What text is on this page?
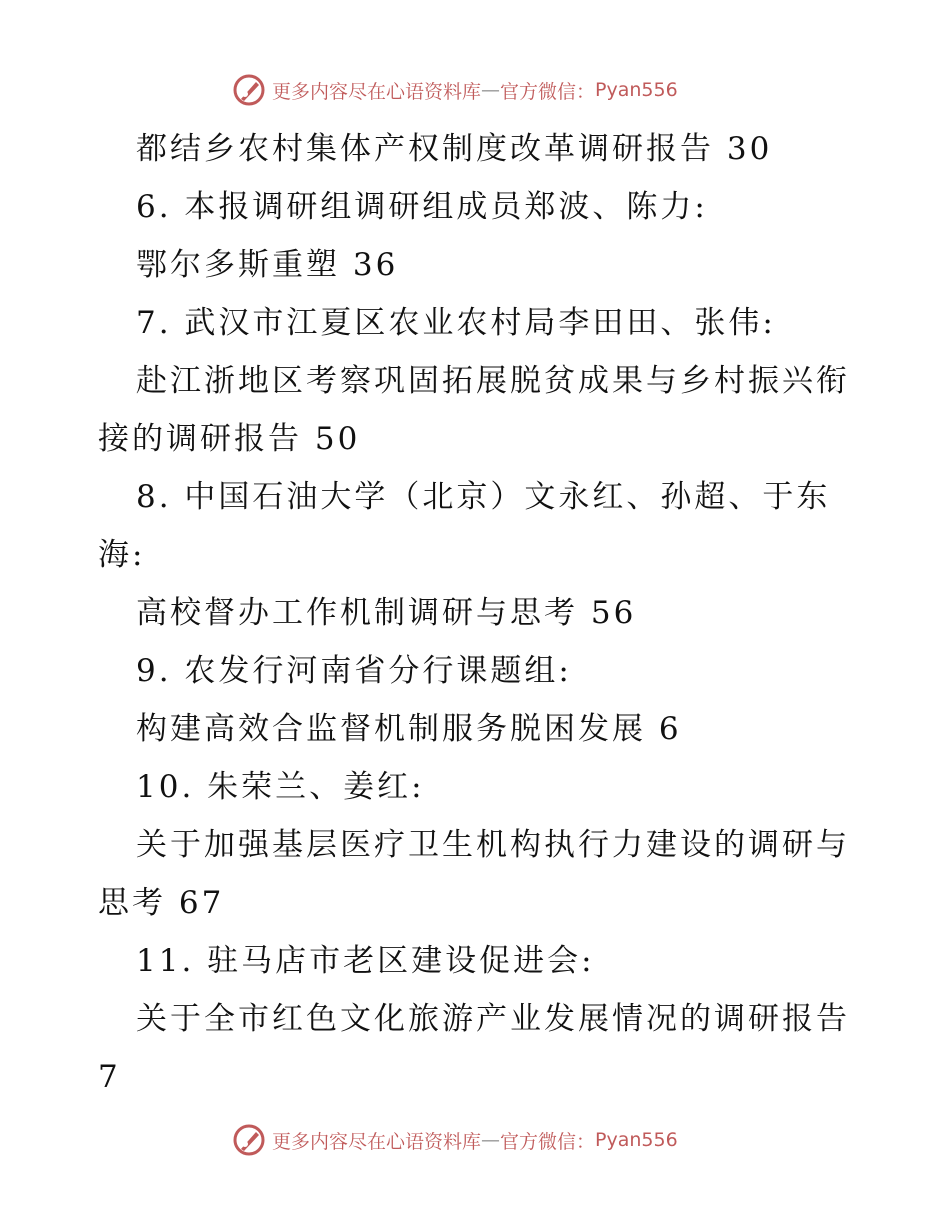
更多内容尽在心语资料库 — 官方微信： Pyan556
都结乡农村集体产权制度改革调研报告 30
6. 本报调研组调研组成员郑波、陈力:
鄂尔多斯重塑 36
7. 武汉市江夏区农业农村局李田田、张伟:
赴江浙地区考察巩固拓展脱贫成果与乡村振兴衔
接的调研报告 50
8. 中国石油大学（北京）文永红、孙超、于东
海:
高校督办工作机制调研与思考 56
9. 农发行河南省分行课题组:
构建高效合监督机制服务脱困发展 6
10. 朱荣兰、姜红:
关于加强基层医疗卫生机构执行力建设的调研与
思考 67
11. 驻马店市老区建设促进会:
关于全市红色文化旅游产业发展情况的调研报告
7
更多内容尽在心语资料库 — 官方微信： Pyan556
